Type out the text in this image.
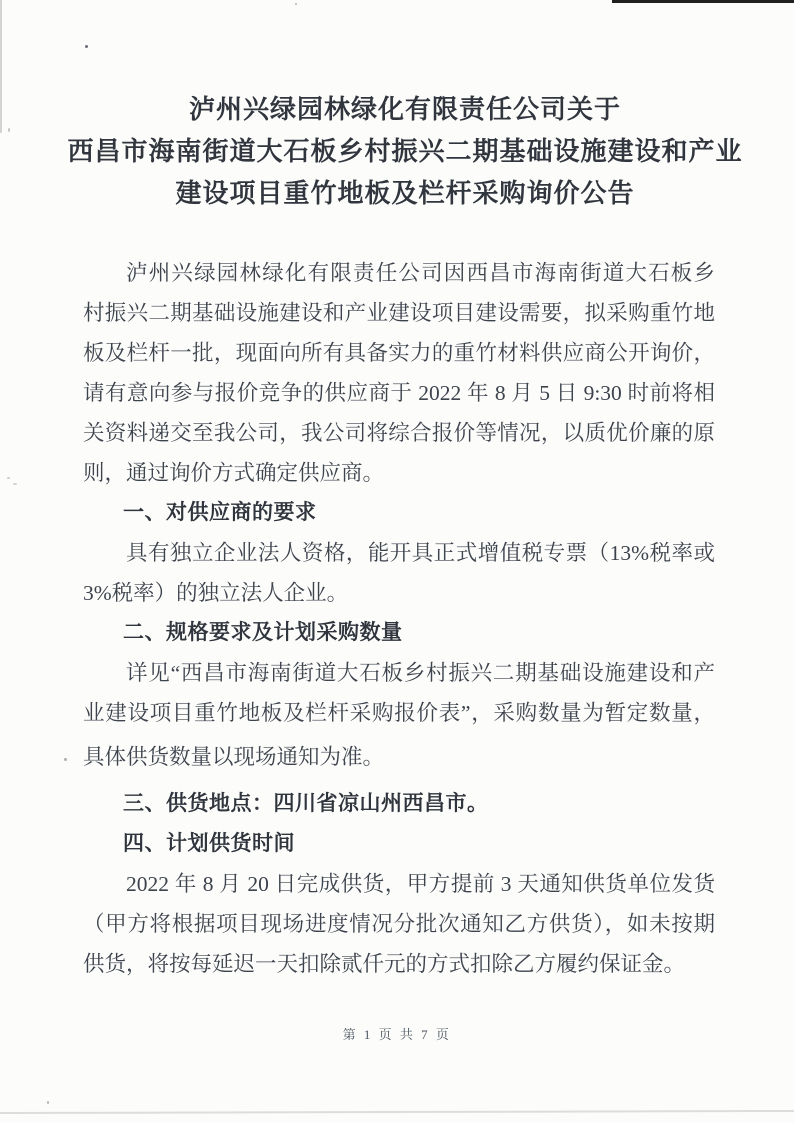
泸州兴绿园林绿化有限责任公司关于
西昌市海南街道大石板乡村振兴二期基础设施建设和产业
建设项目重竹地板及栏杆采购询价公告
泸州兴绿园林绿化有限责任公司因西昌市海南街道大石板乡
村振兴二期基础设施建设和产业建设项目建设需要，拟采购重竹地
板及栏杆一批，现面向所有具备实力的重竹材料供应商公开询价，
请有意向参与报价竞争的供应商于 2022 年 8 月 5 日 9:30 时前将相
关资料递交至我公司，我公司将综合报价等情况，以质优价廉的原
则，通过询价方式确定供应商。
一、对供应商的要求
具有独立企业法人资格，能开具正式增值税专票（13%税率或
3%税率）的独立法人企业。
二、规格要求及计划采购数量
详见“西昌市海南街道大石板乡村振兴二期基础设施建设和产
业建设项目重竹地板及栏杆采购报价表”，采购数量为暂定数量，
具体供货数量以现场通知为准。
三、供货地点：四川省凉山州西昌市。
四、计划供货时间
2022 年 8 月 20 日完成供货，甲方提前 3 天通知供货单位发货
（甲方将根据项目现场进度情况分批次通知乙方供货），如未按期
供货，将按每延迟一天扣除贰仟元的方式扣除乙方履约保证金。
第 1 页 共 7 页
